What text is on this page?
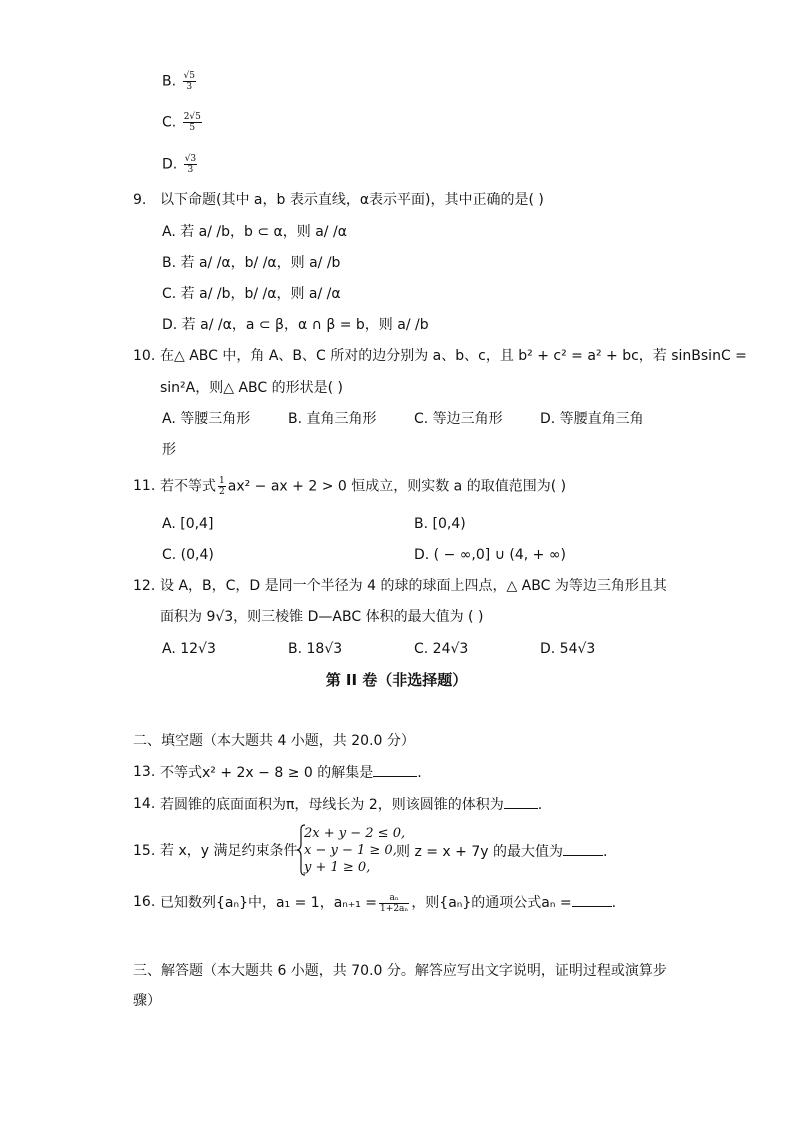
B. $\frac{√5}{3}$
C. $\frac{2√5}{5}$
D. $\frac{√3}{3}$
9. 以下命题(其中 a，b 表示直线，α表示平面)，其中正确的是( )
A. 若 a/ /b，b ⊂ α，则 a/ /α
B. 若 a/ /α，b/ /α，则 a/ /b
C. 若 a/ /b，b/ /α，则 a/ /α
D. 若 a/ /α，a ⊂ β，α ∩ β = b，则 a/ /b
10. 在△ ABC 中，角 A、B、C 所对的边分别为 a、b、c，且 b² + c² = a² + bc，若 sinBsinC =
sin²A，则△ ABC 的形状是( )
A. 等腰三角形	B. 直角三角形	C. 等边三角形	D. 等腰直角三角
形
11. 若不等式 $\frac{1}{2} ax^2$ − ax + 2 > 0 恒成立，则实数 a 的取值范围为( )
A. [0,4]	B. [0,4)
C. (0,4)	D. ( − ∞,0] ∪ (4, + ∞)
12. 设 A，B，C，D 是同一个半径为 4 的球的球面上四点，△ ABC 为等边三角形且其
面积为 9√3，则三棱锥 D—ABC 体积的最大值为 ( )
A. 12√3	B. 18√3	C. 24√3	D. 54√3
第 II 卷（非选择题）
二、填空题（本大题共 4 小题，共 20.0 分）
13. 不等式x² + 2x − 8 ≥ 0 的解集是	.
14. 若圆锥的底面面积为π，母线长为 2，则该圆锥的体积为 .
15. 若 x，y 满足约束条件
2x + y − 2 ≤ 0,
x − y − 1 ≥ 0,
y + 1 ≥ 0,
则 z = x + 7y 的最大值为	.
16. 已知数列{aₙ}中，a₁ = 1，$a_{n+1} = \frac{\text{aₙ}}{\text{1+2aₙ}}$ ，则{aₙ}的通项公式aₙ =	.
三、解答题（本大题共 6 小题，共 70.0 分。解答应写出文字说明，证明过程或演算步
骤）
